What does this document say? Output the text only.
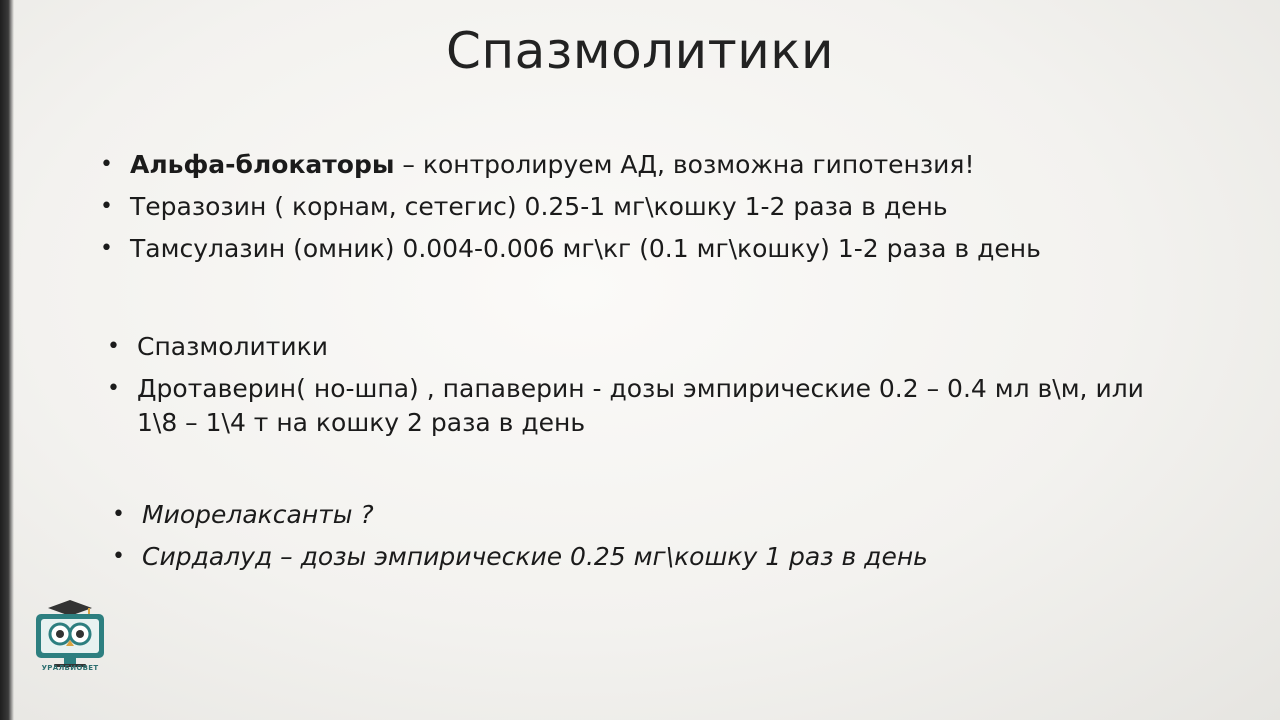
Спазмолитики
• Альфа-блокаторы – контролируем АД, возможна гипотензия!
• Теразозин ( корнам, сетегис) 0.25-1 мг\кошку 1-2 раза в день
• Тамсулазин (омник) 0.004-0.006 мг\кг (0.1 мг\кошку) 1-2 раза в день
• Спазмолитики
• Дротаверин( но-шпа) , папаверин - дозы эмпирические 0.2 – 0.4 мл в\м, или
1\8 – 1\4 т на кошку 2 раза в день
• Миорелаксанты ?
• Сирдалуд – дозы эмпирические 0.25 мг\кошку 1 раз в день
УРАЛБИОВЕТ
